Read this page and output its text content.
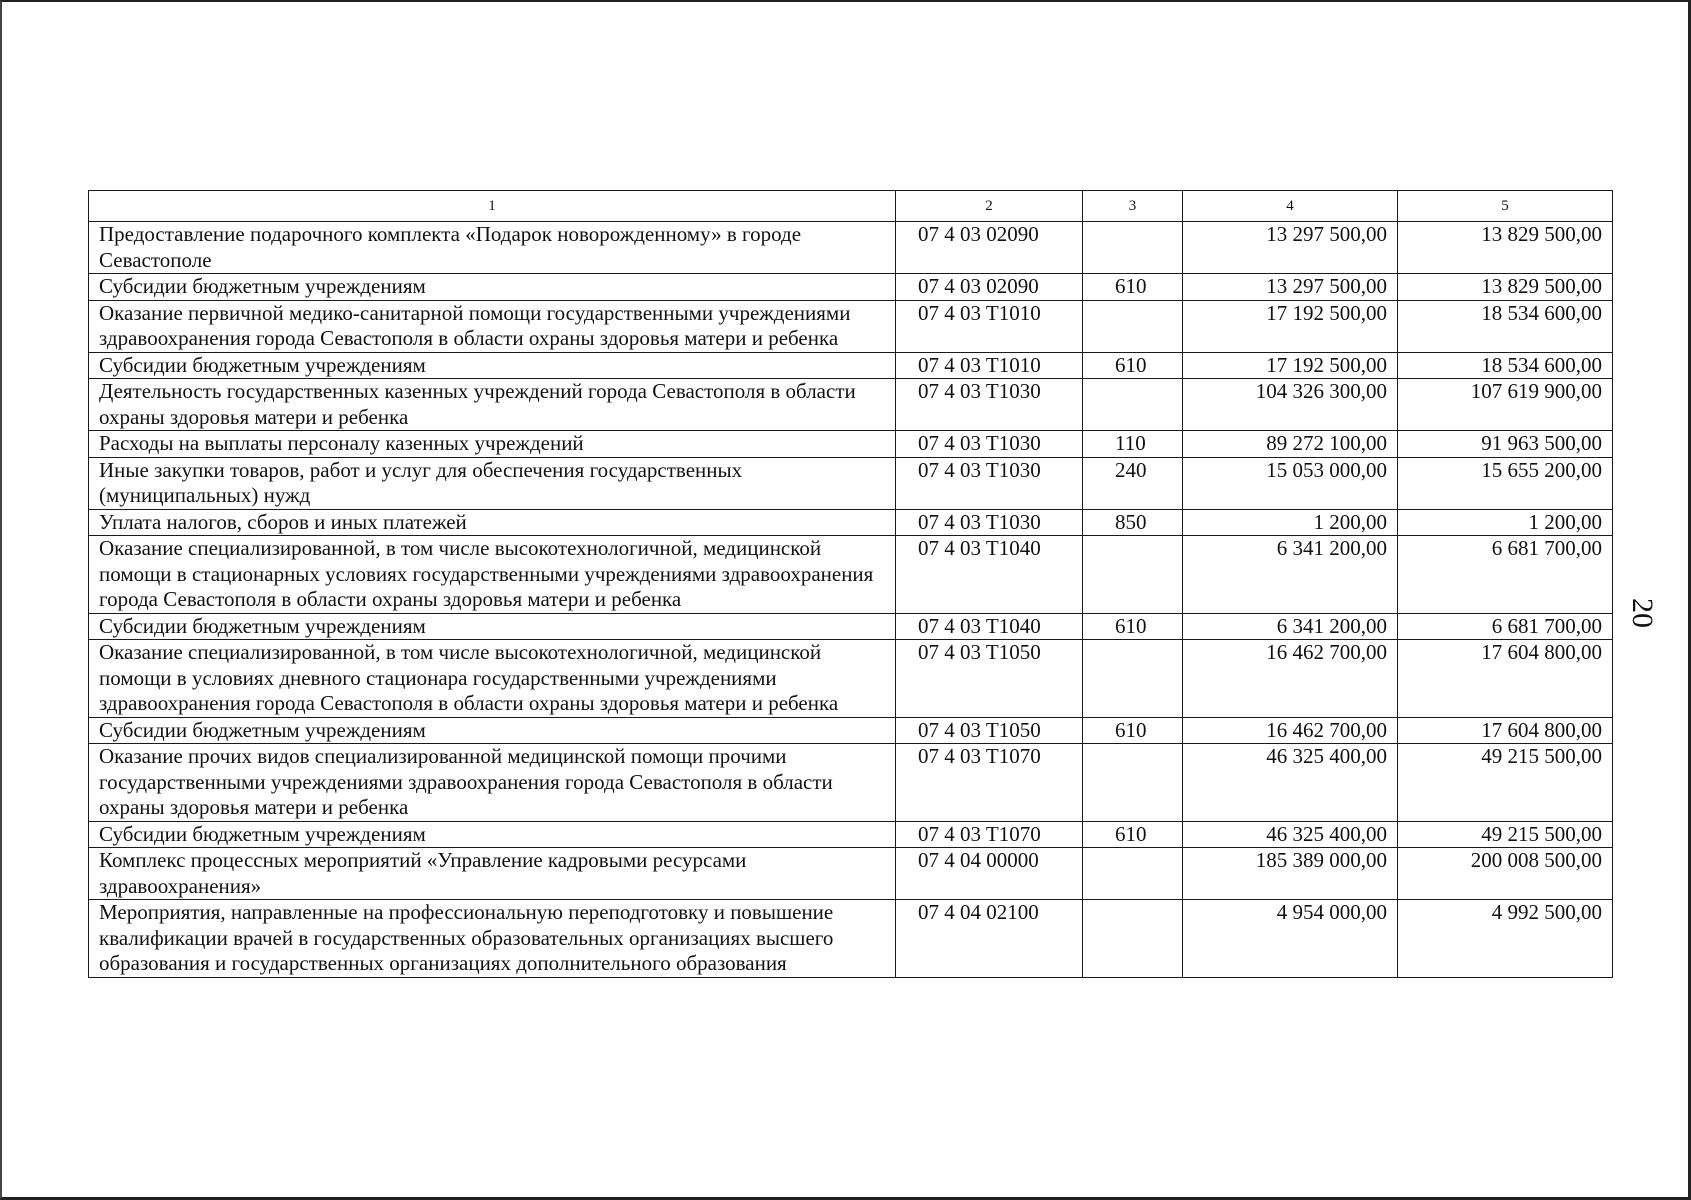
1	2	3	4	5
Предоставление подарочного комплекта «Подарок новорожденному» в городе Севастополе	07 4 03 02090		13 297 500,00	13 829 500,00
Субсидии бюджетным учреждениям	07 4 03 02090	610	13 297 500,00	13 829 500,00
Оказание первичной медико-санитарной помощи государственными учреждениями здравоохранения города Севастополя в области охраны здоровья матери и ребенка	07 4 03 T1010		17 192 500,00	18 534 600,00
Субсидии бюджетным учреждениям	07 4 03 T1010	610	17 192 500,00	18 534 600,00
Деятельность государственных казенных учреждений города Севастополя в области охраны здоровья матери и ребенка	07 4 03 T1030		104 326 300,00	107 619 900,00
Расходы на выплаты персоналу казенных учреждений	07 4 03 T1030	110	89 272 100,00	91 963 500,00
Иные закупки товаров, работ и услуг для обеспечения государственных (муниципальных) нужд	07 4 03 T1030	240	15 053 000,00	15 655 200,00
Уплата налогов, сборов и иных платежей	07 4 03 T1030	850	1 200,00	1 200,00
Оказание специализированной, в том числе высокотехнологичной, медицинской помощи в стационарных условиях государственными учреждениями здравоохранения города Севастополя в области охраны здоровья матери и ребенка	07 4 03 T1040		6 341 200,00	6 681 700,00
Субсидии бюджетным учреждениям	07 4 03 T1040	610	6 341 200,00	6 681 700,00
Оказание специализированной, в том числе высокотехнологичной, медицинской помощи в условиях дневного стационара государственными учреждениями здравоохранения города Севастополя в области охраны здоровья матери и ребенка	07 4 03 T1050		16 462 700,00	17 604 800,00
Субсидии бюджетным учреждениям	07 4 03 T1050	610	16 462 700,00	17 604 800,00
Оказание прочих видов специализированной медицинской помощи прочими государственными учреждениями здравоохранения города Севастополя в области охраны здоровья матери и ребенка	07 4 03 T1070		46 325 400,00	49 215 500,00
Субсидии бюджетным учреждениям	07 4 03 T1070	610	46 325 400,00	49 215 500,00
Комплекс процессных мероприятий «Управление кадровыми ресурсами здравоохранения»	07 4 04 00000		185 389 000,00	200 008 500,00
Мероприятия, направленные на профессиональную переподготовку и повышение квалификации врачей в государственных образовательных организациях высшего образования и государственных организациях дополнительного образования	07 4 04 02100		4 954 000,00	4 992 500,00
20
